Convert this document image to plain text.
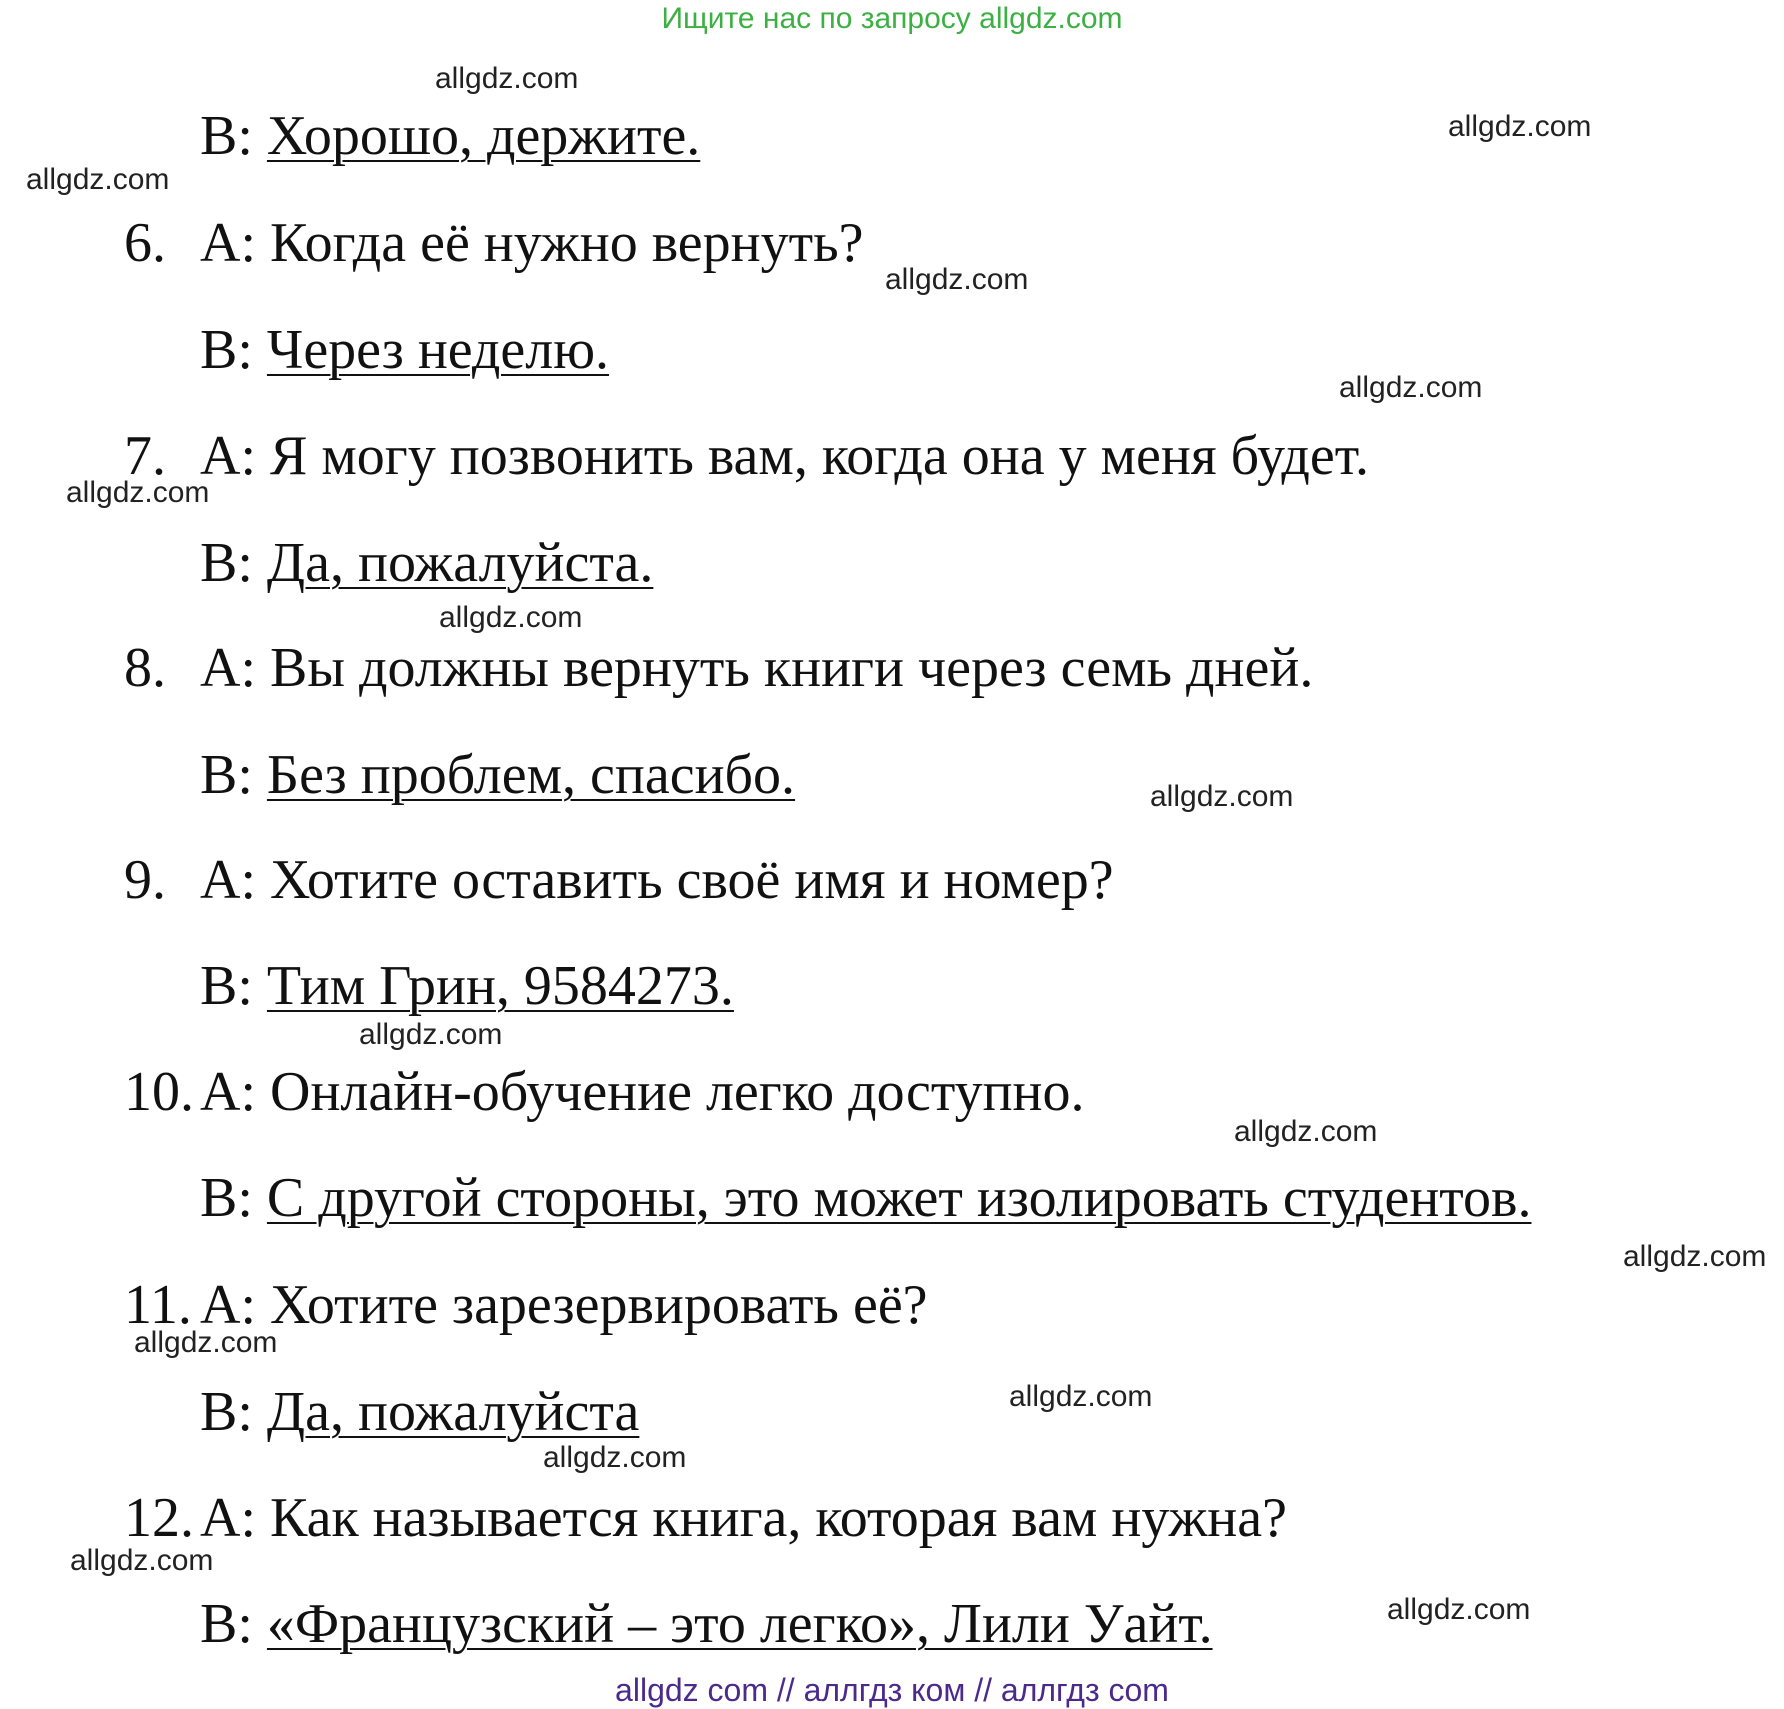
Ищите нас по запросу allgdz.com
B: Хорошо, держите.
6. A: Когда её нужно вернуть?
B: Через неделю.
7. A: Я могу позвонить вам, когда она у меня будет.
B: Да, пожалуйста.
8. A: Вы должны вернуть книги через семь дней.
B: Без проблем, спасибо.
9. A: Хотите оставить своё имя и номер?
B: Тим Грин, 9584273.
10. A: Онлайн-обучение легко доступно.
B: С другой стороны, это может изолировать студентов.
11. A: Хотите зарезервировать её?
B: Да, пожалуйста
12. A: Как называется книга, которая вам нужна?
B: «Французский – это легко», Лили Уайт.
allgdz.com
allgdz.com
allgdz.com
allgdz.com
allgdz.com
allgdz.com
allgdz.com
allgdz.com
allgdz.com
allgdz.com
allgdz.com
allgdz.com
allgdz.com
allgdz.com
allgdz.com
allgdz.com
allgdz com // аллгдз ком // аллгдз com
